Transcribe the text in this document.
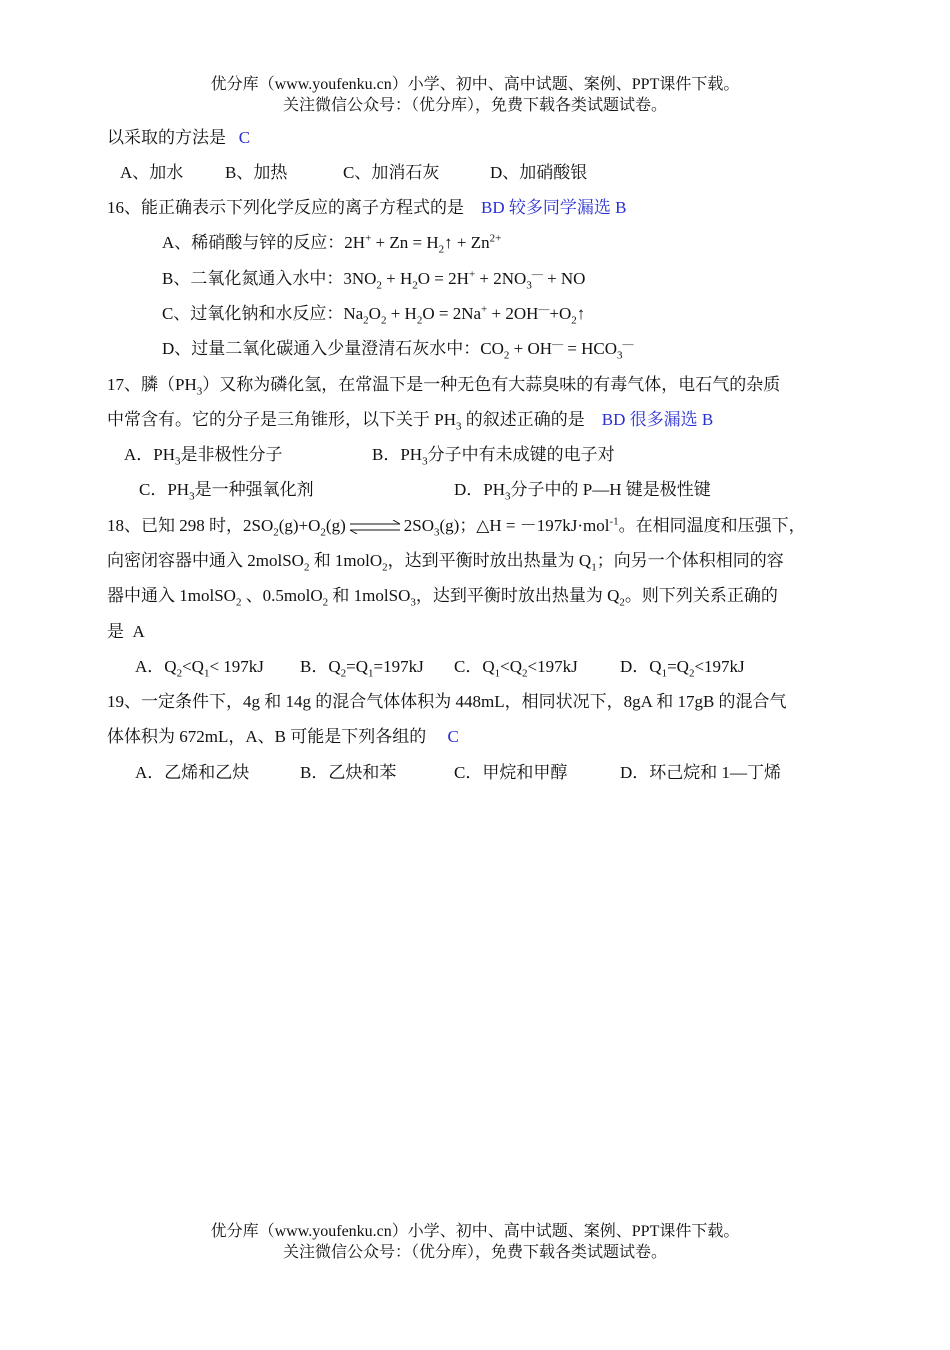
优分库（www.youfenku.cn）小学、初中、高中试题、案例、PPT课件下载。
关注微信公众号：（优分库），免费下载各类试题试卷。
以采取的方法是 C
A、加水 B、加热	C、加消石灰	D、加硝酸银
16、能正确表示下列化学反应的离子方程式的是 BD 较多同学漏选 B
A、稀硝酸与锌的反应：$2H^+ + Zn = H_2↑ + Zn^{2+}$
B、二氧化氮通入水中：$3NO_2 + H_2O = 2H^+ + 2NO_3^—$ + NO
C、过氧化钠和水反应：$Na_2O_2 + H_2O = 2Na^+$ + $2OH^—+O_2↑$
D、过量二氧化碳通入少量澄清石灰水中：$CO_2 + OH^— = HCO_3^—$
17、膦$(PH_3)$又称为磷化氢，在常温下是一种无色有大蒜臭味的有毒气体，电石气的杂质
中常含有。它的分子是三角锥形，以下关于 $PH_3$ 的叙述正确的是 BD 很多漏选 B
A．$PH_3$是非极性分子	B．$PH_3$分子中有未成键的电子对
C．$PH_3$是一种强氧化剂	D．$PH_3$分子中的 P—H 键是极性键
18、已知 298 时，$2SO_2(g)+O_2(g)$ ⇌ $2SO_3(g)$；△H = －197kJ·mol$^{-1}$。在相同温度和压强下，
向密闭容器中通入 2molSO$_2$ 和 1molO$_2$，达到平衡时放出热量为 $Q_1$；向另一个体积相同的容
器中通入 1molSO$_2$ 、0.5molO$_2$ 和 1molSO$_3$，达到平衡时放出热量为 $Q_2$。则下列关系正确的
是 A
A．$Q_2<Q_1< 197kJ$ B．$Q_2=Q_1=197kJ$ C．$Q_1<Q_2<197kJ$ D．$Q_1=Q_2<197kJ$
19、一定条件下，4g 和 14g 的混合气体体积为 448mL，相同状况下，8gA 和 17gB 的混合气
体体积为 672mL，A、B 可能是下列各组的 C
A．乙烯和乙炔	B．乙炔和苯	C．甲烷和甲醇	D．环己烷和 1—丁烯
优分库（www.youfenku.cn）小学、初中、高中试题、案例、PPT课件下载。
关注微信公众号：（优分库），免费下载各类试题试卷。
